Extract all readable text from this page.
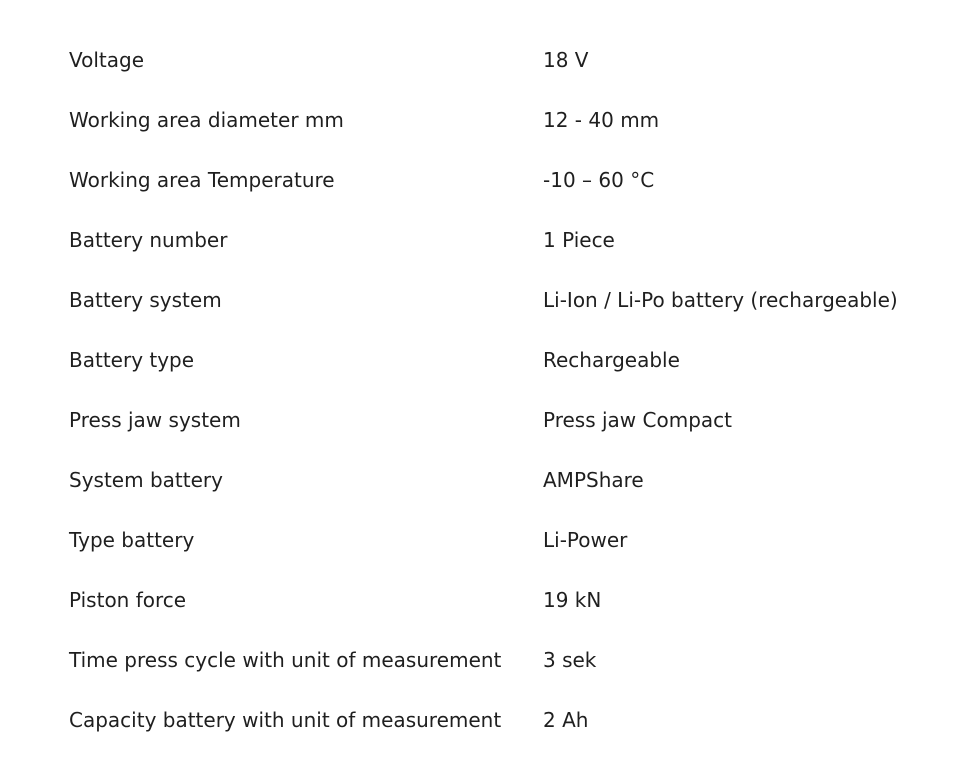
Voltage	18 V
Working area diameter mm	12 - 40 mm
Working area Temperature	-10 – 60 °C
Battery number	1 Piece
Battery system	Li-Ion / Li-Po battery (rechargeable)
Battery type	Rechargeable
Press jaw system	Press jaw Compact
System battery	AMPShare
Type battery	Li-Power
Piston force	19 kN
Time press cycle with unit of measurement	3 sek
Capacity battery with unit of measurement	2 Ah
